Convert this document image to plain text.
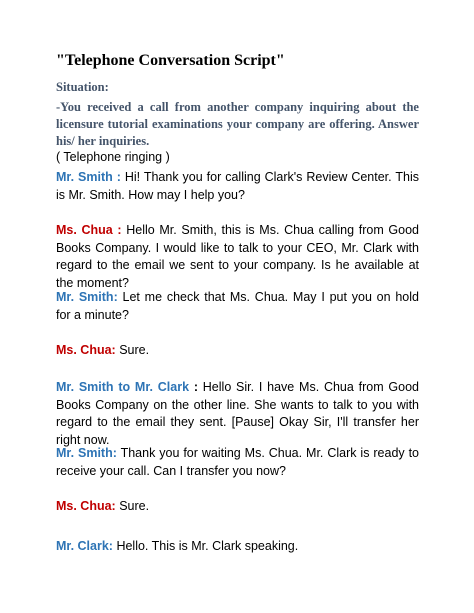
"Telephone Conversation Script"
Situation:
-You received a call from another company inquiring about the licensure tutorial examinations your company are offering. Answer his/ her inquiries.
( Telephone ringing )
Mr. Smith : Hi! Thank you for calling Clark's Review Center. This is Mr. Smith. How may I help you?
Ms. Chua : Hello Mr. Smith, this is Ms. Chua calling from Good Books Company. I would like to talk to your CEO, Mr. Clark with regard to the email we sent to your company. Is he available at the moment?
Mr. Smith: Let me check that Ms. Chua. May I put you on hold for a minute?
Ms. Chua: Sure.
Mr. Smith to Mr. Clark : Hello Sir. I have Ms. Chua from Good Books Company on the other line. She wants to talk to you with regard to the email they sent. [Pause] Okay Sir, I'll transfer her right now.
Mr. Smith: Thank you for waiting Ms. Chua. Mr. Clark is ready to receive your call. Can I transfer you now?
Ms. Chua: Sure.
Mr. Clark: Hello. This is Mr. Clark speaking.
